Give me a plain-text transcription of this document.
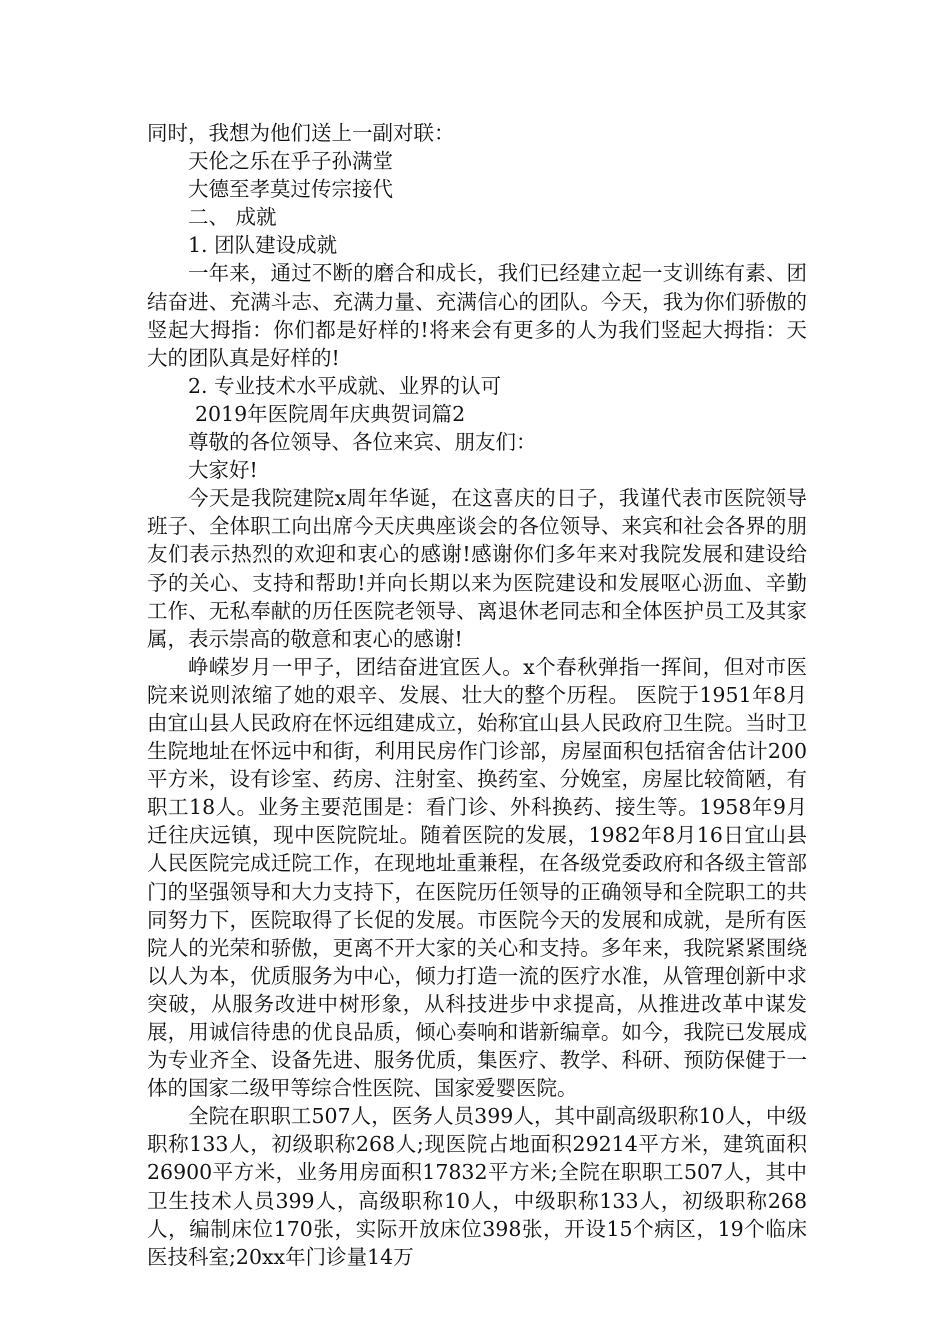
同时，我想为他们送上一副对联：

天伦之乐在乎子孙满堂

大德至孝莫过传宗接代

二、 成就

1. 团队建设成就

一年来，通过不断的磨合和成长，我们已经建立起一支训练有素、团结奋进、充满斗志、充满力量、充满信心的团队。今天，我为你们骄傲的竖起大拇指：你们都是好样的!将来会有更多的人为我们竖起大拇指：天大的团队真是好样的!

2. 专业技术水平成就、业界的认可

2019年医院周年庆典贺词篇2

尊敬的各位领导、各位来宾、朋友们：

大家好!

今天是我院建院x周年华诞，在这喜庆的日子，我谨代表市医院领导班子、全体职工向出席今天庆典座谈会的各位领导、来宾和社会各界的朋友们表示热烈的欢迎和衷心的感谢!感谢你们多年来对我院发展和建设给予的关心、支持和帮助!并向长期以来为医院建设和发展呕心沥血、辛勤工作、无私奉献的历任医院老领导、离退休老同志和全体医护员工及其家属，表示崇高的敬意和衷心的感谢!

峥嵘岁月一甲子，团结奋进宜医人。x个春秋弹指一挥间，但对市医院来说则浓缩了她的艰辛、发展、壮大的整个历程。 医院于1951年8月由宜山县人民政府在怀远组建成立，始称宜山县人民政府卫生院。当时卫生院地址在怀远中和街，利用民房作门诊部，房屋面积包括宿舍估计200平方米，设有诊室、药房、注射室、换药室、分娩室，房屋比较简陋，有职工18人。业务主要范围是：看门诊、外科换药、接生等。1958年9月迁往庆远镇，现中医院院址。随着医院的发展，1982年8月16日宜山县人民医院完成迁院工作，在现地址重兼程，在各级党委政府和各级主管部门的坚强领导和大力支持下，在医院历任领导的正确领导和全院职工的共同努力下，医院取得了长促的发展。市医院今天的发展和成就，是所有医院人的光荣和骄傲，更离不开大家的关心和支持。多年来，我院紧紧围绕以人为本，优质服务为中心，倾力打造一流的医疗水准，从管理创新中求突破，从服务改进中树形象，从科技进步中求提高，从推进改革中谋发展，用诚信待患的优良品质，倾心奏响和谐新编章。如今，我院已发展成为专业齐全、设备先进、服务优质，集医疗、教学、科研、预防保健于一体的国家二级甲等综合性医院、国家爱婴医院。

全院在职职工507人，医务人员399人，其中副高级职称10人，中级职称133人，初级职称268人;现医院占地面积29214平方米，建筑面积26900平方米，业务用房面积17832平方米;全院在职职工507人，其中卫生技术人员399人，高级职称10人，中级职称133人，初级职称268人，编制床位170张，实际开放床位398张，开设15个病区，19个临床医技科室;20xx年门诊量14万
